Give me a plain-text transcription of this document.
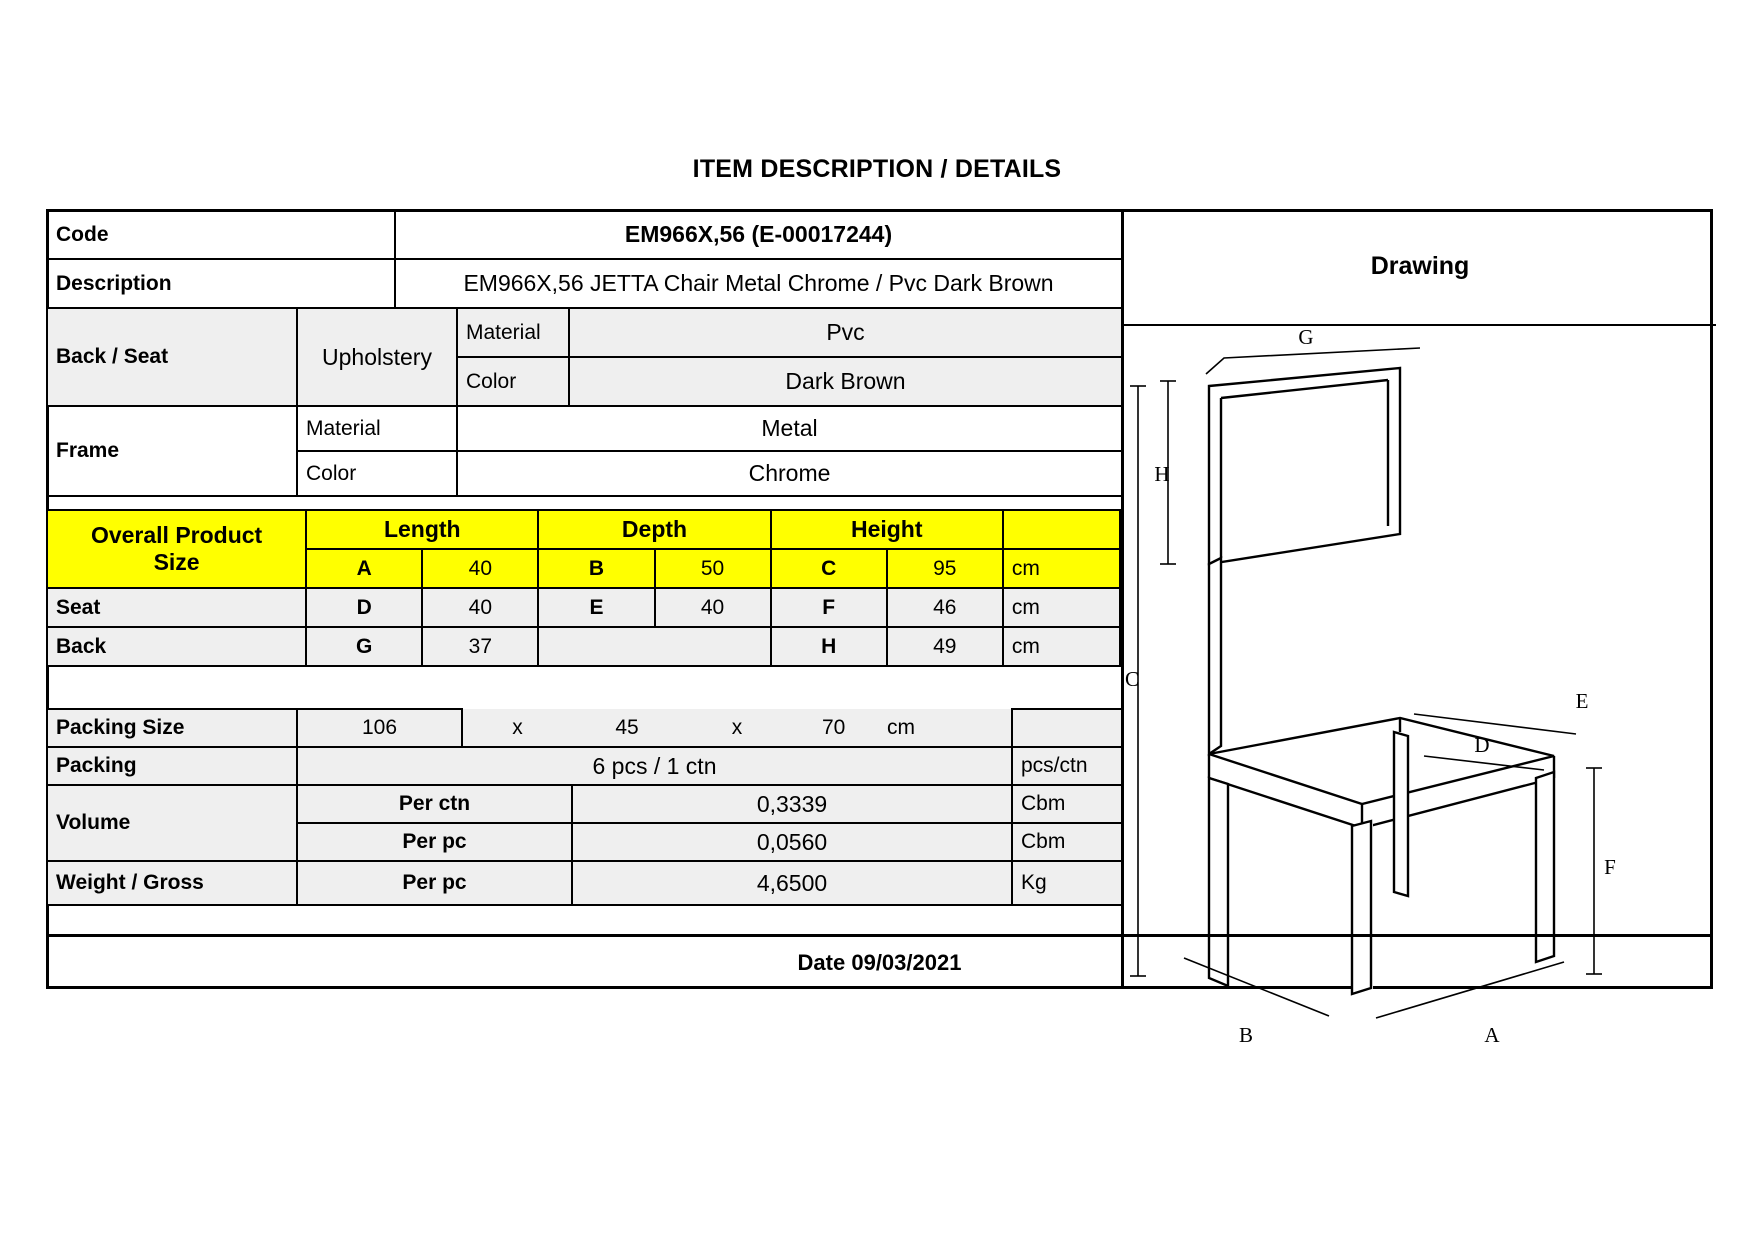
ITEM DESCRIPTION / DETAILS
Code	EM966X,56 (E-00017244)
Description	EM966X,56 JETTA Chair Metal Chrome / Pvc Dark Brown
Back / Seat	Upholstery	Material	Pvc
		Color	Dark Brown
Frame	Material	Metal	
	Color	Chrome	
Overall Product
Size	Length		Depth		Height		
	A	40	B	50	C	95	cm
Seat	D	40	E	40	F	46	cm
Back	G	37			H	49	cm
Packing Size	106	x	45	x	70 cm	
Packing	6 pcs / 1 ctn					pcs/ctn
Volume	Per ctn		0,3339			Cbm
	Per pc		0,0560			Cbm
Weight / Gross	Per pc		4,6500			Kg
Drawing
G
H
C
E
D
F
B	A
Date 09/03/2021
